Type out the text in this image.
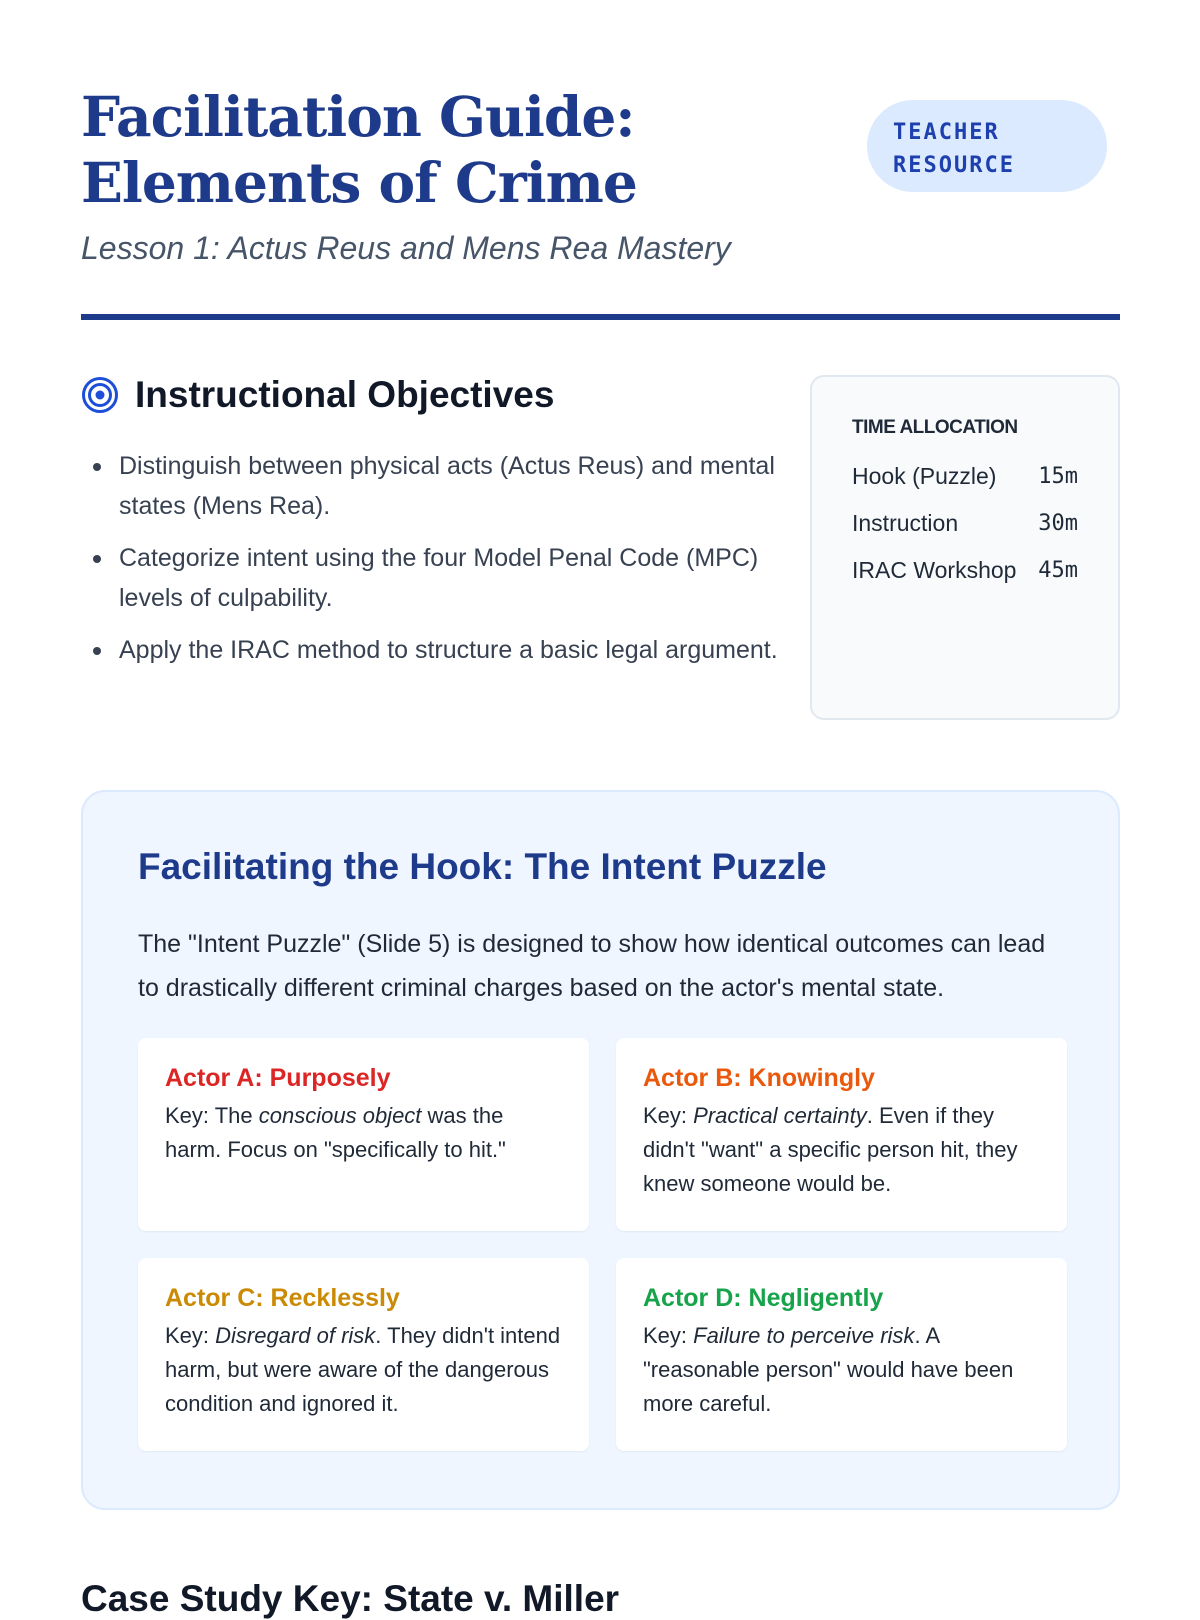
Facilitation Guide: Elements of Crime
TEACHER RESOURCE

Lesson 1: Actus Reus and Mens Rea Mastery

Instructional Objectives
Distinguish between physical acts (Actus Reus) and mental states (Mens Rea).
Categorize intent using the four Model Penal Code (MPC) levels of culpability.
Apply the IRAC method to structure a basic legal argument.

TIME ALLOCATION

Hook (Puzzle) 15m
Instruction	30m
IRAC Workshop 45m
Facilitating the Hook: The Intent Puzzle

The "Intent Puzzle" (Slide 5) is designed to show how identical outcomes can lead to drastically different criminal charges based on the actor's mental state.

Actor A: Purposely

Key: The conscious object was the harm. Focus on "specifically to hit."

Actor B: Knowingly

Key: Practical certainty. Even if they didn't "want" a specific person hit, they knew someone would be.

Actor C: Recklessly

Key: Disregard of risk. They didn't intend harm, but were aware of the dangerous condition and ignored it.

Actor D: Negligently

Key: Failure to perceive risk. A "reasonable person" would have been more careful.

Case Study Key: State v. Miller
